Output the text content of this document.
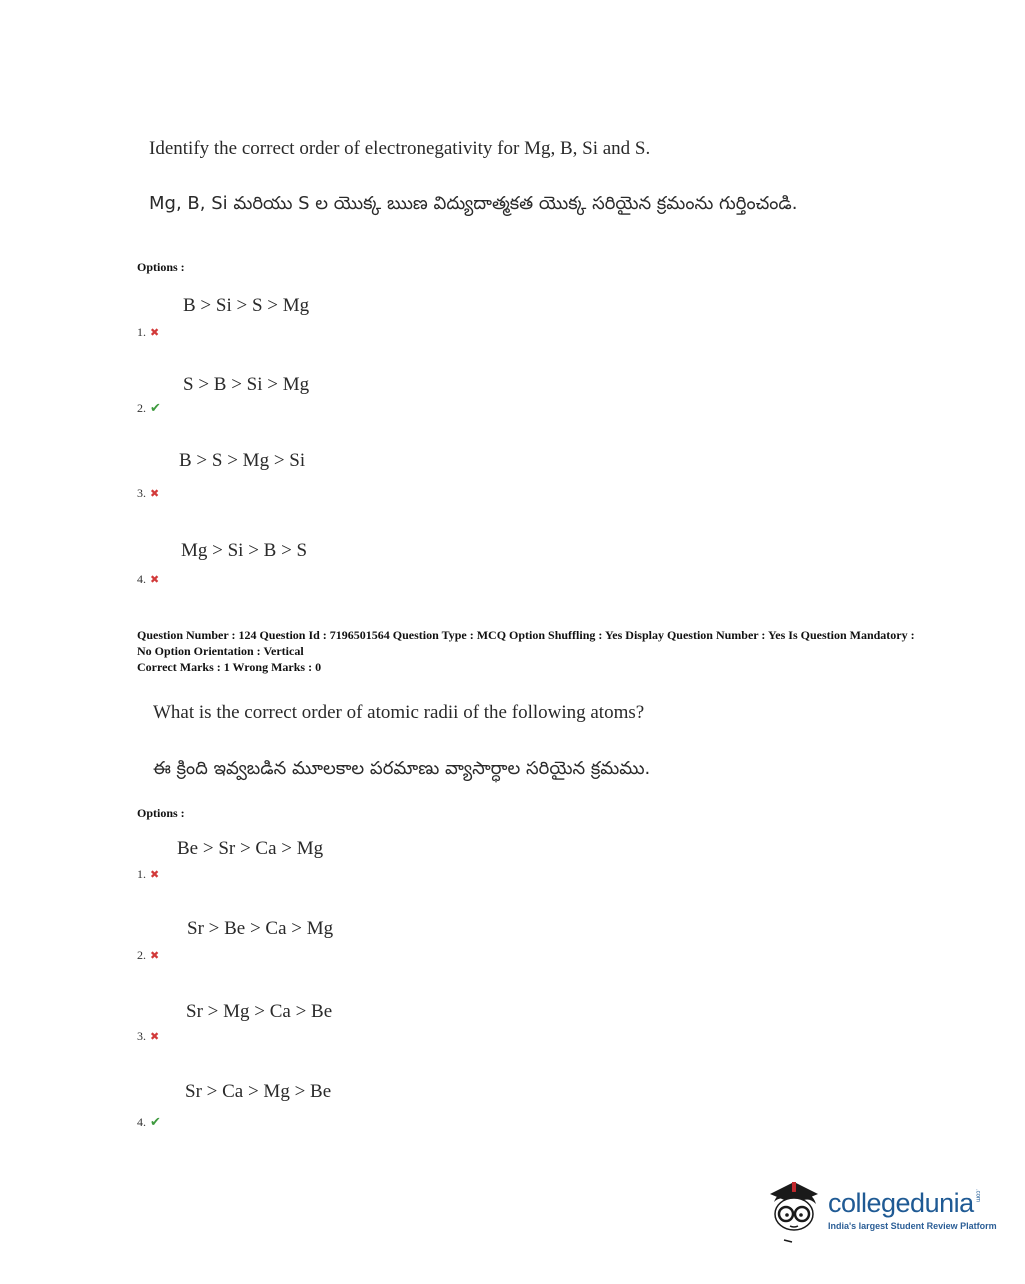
Identify the correct order of electronegativity for Mg, B, Si and S.
Mg, B, Si మరియు S ల యొక్క ఋణ విద్యుదాత్మకత యొక్క సరియైన క్రమంను గుర్తించండి.
Options :
B > Si > S > Mg
1. ✖
S > B > Si > Mg
2. ✔
B > S > Mg > Si
3. ✖
Mg > Si > B > S
4. ✖
Question Number : 124 Question Id : 7196501564 Question Type : MCQ Option Shuffling : Yes Display Question Number : Yes Is Question Mandatory : No Option Orientation : Vertical
Correct Marks : 1 Wrong Marks : 0
What is the correct order of atomic radii of the following atoms?
ఈ క్రింది ఇవ్వబడిన మూలకాల పరమాణు వ్యాసార్ధాల సరియైన క్రమము.
Options :
Be > Sr > Ca > Mg
1. ✖
Sr > Be > Ca > Mg
2. ✖
Sr > Mg > Ca > Be
3. ✖
Sr > Ca > Mg > Be
4. ✔
collegedunia .com
India's largest Student Review Platform
